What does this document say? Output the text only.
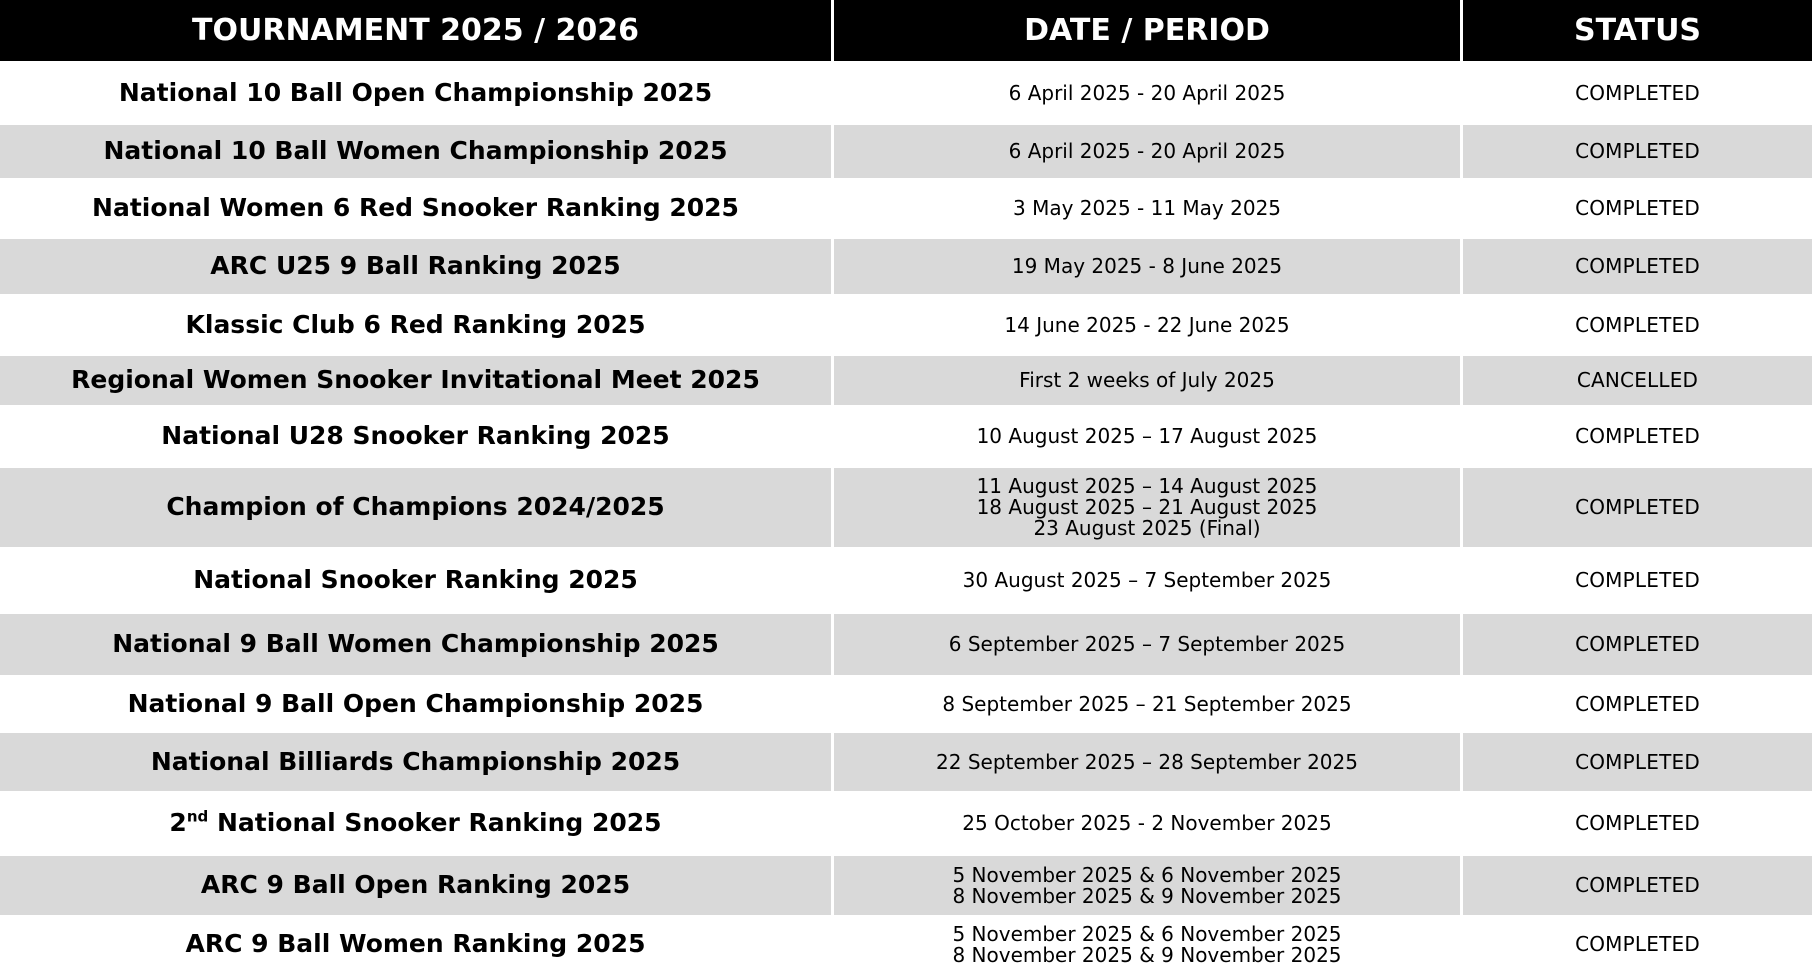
TOURNAMENT 2025 / 2026	DATE / PERIOD	STATUS
National 10 Ball Open Championship 2025	6 April 2025 - 20 April 2025	COMPLETED
National 10 Ball Women Championship 2025	6 April 2025 - 20 April 2025	COMPLETED
National Women 6 Red Snooker Ranking 2025	3 May 2025 - 11 May 2025	COMPLETED
ARC U25 9 Ball Ranking 2025	19 May 2025 - 8 June 2025	COMPLETED
Klassic Club 6 Red Ranking 2025	14 June 2025 - 22 June 2025	COMPLETED
Regional Women Snooker Invitational Meet 2025	First 2 weeks of July 2025	CANCELLED
National U28 Snooker Ranking 2025	10 August 2025 – 17 August 2025	COMPLETED
Champion of Champions 2024/2025	11 August 2025 – 14 August 2025
18 August 2025 – 21 August 2025
23 August 2025 (Final)	COMPLETED
National Snooker Ranking 2025	30 August 2025 – 7 September 2025	COMPLETED
National 9 Ball Women Championship 2025	6 September 2025 – 7 September 2025	COMPLETED
National 9 Ball Open Championship 2025	8 September 2025 – 21 September 2025	COMPLETED
National Billiards Championship 2025	22 September 2025 – 28 September 2025	COMPLETED
2nd National Snooker Ranking 2025	25 October 2025 - 2 November 2025	COMPLETED
ARC 9 Ball Open Ranking 2025	5 November 2025 & 6 November 2025
8 November 2025 & 9 November 2025	COMPLETED
ARC 9 Ball Women Ranking 2025	5 November 2025 & 6 November 2025
8 November 2025 & 9 November 2025	COMPLETED
